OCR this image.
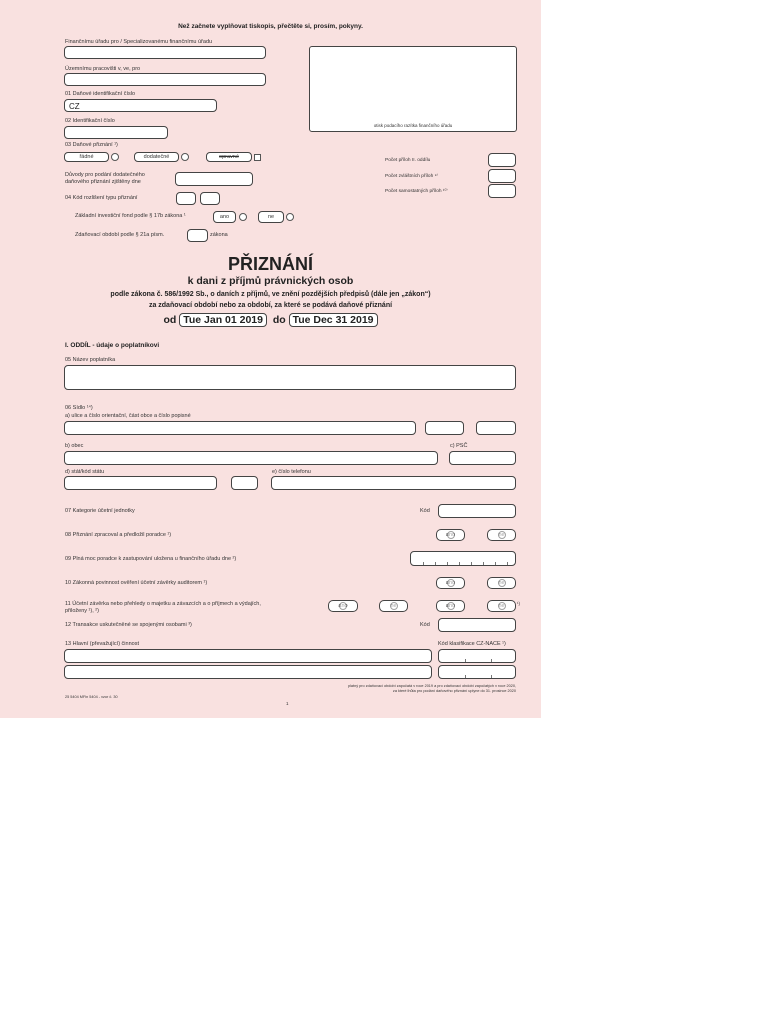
Než začnete vyplňovat tiskopis, přečtěte si, prosím, pokyny.
Finančnímu úřadu pro / Specializovanému finančnímu úřadu
Územnímu pracovišti v, ve, pro
otisk podacího razítka finančního úřadu
01 Daňové identifikační číslo
CZ
02 Identifikační číslo
03 Daňové přiznání ¹)
řádné	dodatečné	opravné
Důvody pro podání dodatečného
daňového přiznání zjištěny dne
Počet příloh II. oddílu
Počet zvláštních příloh ⁹⁾
Počet samostatných příloh ¹⁰⁾
04 Kód rozlišení typu přiznání
Základní investiční fond podle § 17b zákona ¹	ano	ne
Zdaňovací období podle § 21a písm.	zákona
PŘIZNÁNÍ
k dani z příjmů právnických osob
podle zákona č. 586/1992 Sb., o daních z příjmů, ve znění pozdějších předpisů (dále jen „zákon“)
za zdaňovací období nebo za období, za které se podává daňové přiznání
od Tue Jan 01 2019 do Tue Dec 31 2019
I. ODDÍL - údaje o poplatníkovi
05 Název poplatníka
06 Sídlo ¹⁴)
a) ulice a číslo orientační, část obce a číslo popisné
b) obec	c) PSČ
d) stát/kód státu	e) číslo telefonu
07 Kategorie účetní jednotky	Kód
08 Přiznání zpracoval a předložil poradce ¹)
09 Plná moc poradce k zastupování uložena u finančního úřadu dne ²)
10 Zákonná povinnost ověření účetní závěrky auditorem ¹)
11 Účetní závěrka nebo přehledy o majetku a závazcích a o příjmech a výdajích,
přiloženy ¹), ²)
¹)
12 Transakce uskutečněné se spojenými osobami ³)	Kód
13 Hlavní (převažující) činnost	Kód klasifikace CZ-NACE ¹)
platný pro zdaňovací období započatá v roce 2019 a pro zdaňovací období započatých v roce 2020,
za které lhůta pro podání daňového přiznání uplyne do 31. prosince 2020
25 5404 MFin 5404 - vzor č. 30
1
